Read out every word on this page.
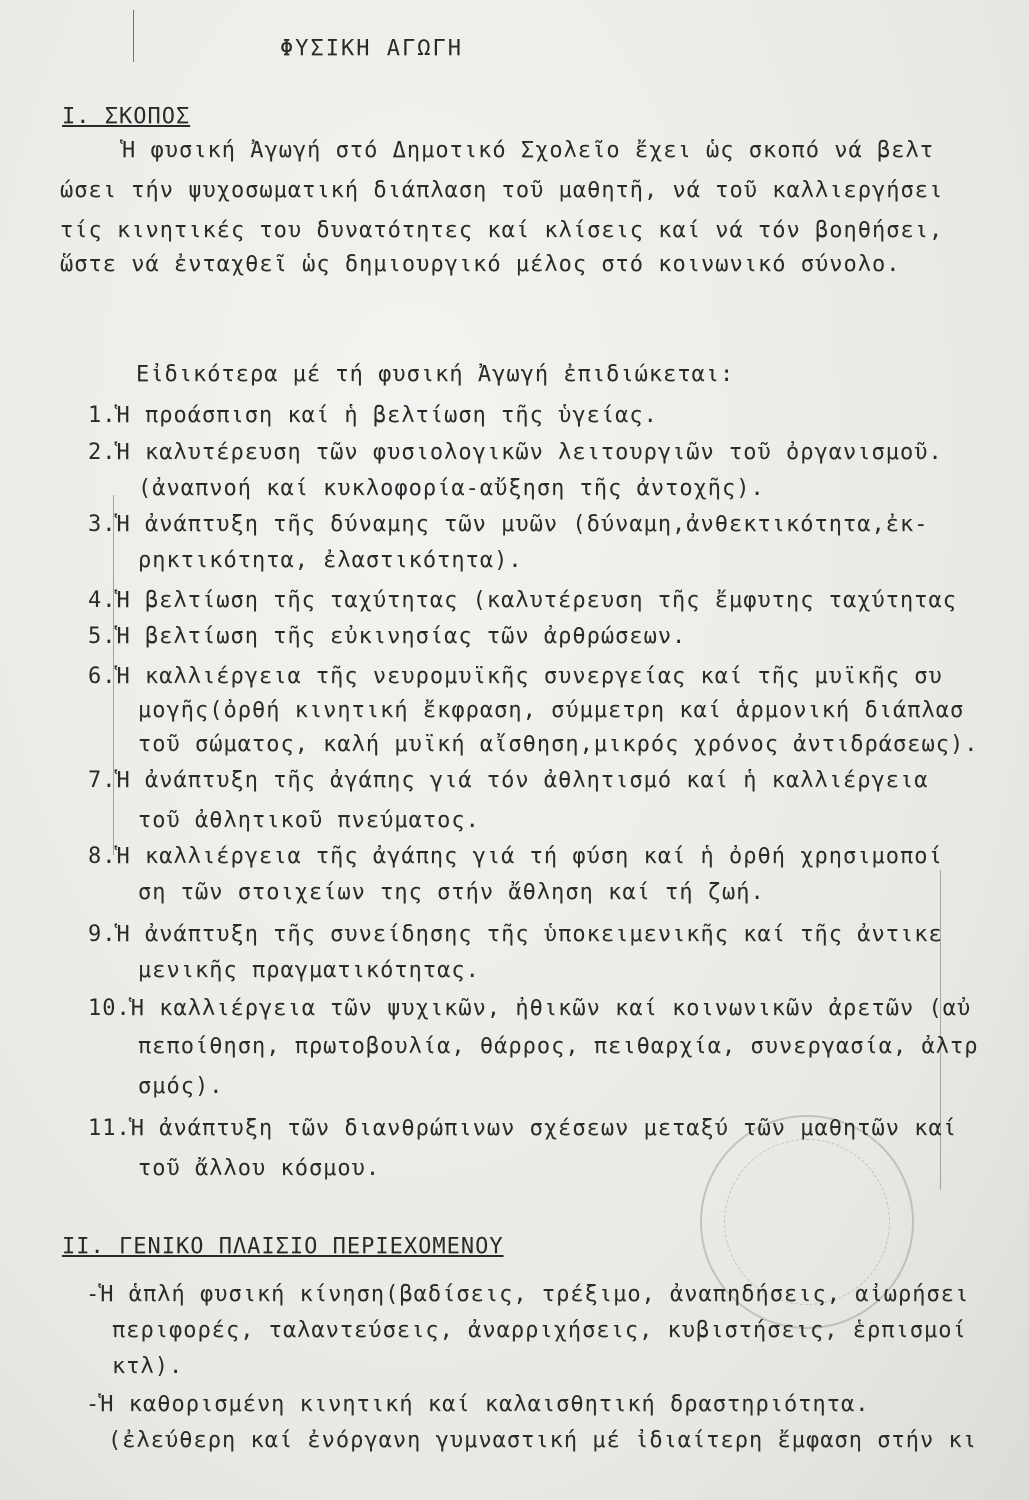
ΦΥΣΙΚΗ ΑΓΩΓΗ
Ι. ΣΚΟΠΟΣ
Ἡ φυσική Ἀγωγή στό Δημοτικό Σχολεῖο ἔχει ὡς σκοπό νά βελτ
ώσει τήν ψυχοσωματική διάπλαση τοῦ μαθητῆ, νά τοῦ καλλιεργήσει
τίς κινητικές του δυνατότητες καί κλίσεις καί νά τόν βοηθήσει,
ὥστε νά ἐνταχθεῖ ὡς δημιουργικό μέλος στό κοινωνικό σύνολο.
Εἰδικότερα μέ τή φυσική Ἀγωγή ἐπιδιώκεται:
1.Ἡ προάσπιση καί ἡ βελτίωση τῆς ὑγείας.
2.Ἡ καλυτέρευση τῶν φυσιολογικῶν λειτουργιῶν τοῦ ὀργανισμοῦ.
(ἀναπνοή καί κυκλοφορία-αὔξηση τῆς ἀντοχῆς).
3.Ἡ ἀνάπτυξη τῆς δύναμης τῶν μυῶν (δύναμη,ἀνθεκτικότητα,ἐκ-
ρηκτικότητα, ἐλαστικότητα).
4.Ἡ βελτίωση τῆς ταχύτητας (καλυτέρευση τῆς ἔμφυτης ταχύτητας
5.Ἡ βελτίωση τῆς εὐκινησίας τῶν ἀρθρώσεων.
6.Ἡ καλλιέργεια τῆς νευρομυϊκῆς συνεργείας καί τῆς μυϊκῆς συ
μογῆς(ὀρθή κινητική ἔκφραση, σύμμετρη καί ἁρμονική διάπλασ
τοῦ σώματος, καλή μυϊκή αἴσθηση,μικρός χρόνος ἀντιδράσεως).
7.Ἡ ἀνάπτυξη τῆς ἀγάπης γιά τόν ἀθλητισμό καί ἡ καλλιέργεια
τοῦ ἀθλητικοῦ πνεύματος.
8.Ἡ καλλιέργεια τῆς ἀγάπης γιά τή φύση καί ἡ ὀρθή χρησιμοποί
ση τῶν στοιχείων της στήν ἄθληση καί τή ζωή.
9.Ἡ ἀνάπτυξη τῆς συνείδησης τῆς ὑποκειμενικῆς καί τῆς ἀντικε
μενικῆς πραγματικότητας.
10.Ἡ καλλιέργεια τῶν ψυχικῶν, ἠθικῶν καί κοινωνικῶν ἀρετῶν (αὐ
πεποίθηση, πρωτοβουλία, θάρρος, πειθαρχία, συνεργασία, ἀλτρ
σμός).
11.Ἡ ἀνάπτυξη τῶν διανθρώπινων σχέσεων μεταξύ τῶν μαθητῶν καί
τοῦ ἄλλου κόσμου.
ΙΙ. ΓΕΝΙΚΟ ΠΛΑΙΣΙΟ ΠΕΡΙΕΧΟΜΕΝΟΥ
-Ἡ ἁπλή φυσική κίνηση(βαδίσεις, τρέξιμο, ἀναπηδήσεις, αἰωρήσει
περιφορές, ταλαντεύσεις, ἀναρριχήσεις, κυβιστήσεις, ἑρπισμοί
κτλ).
-Ἡ καθορισμένη κινητική καί καλαισθητική δραστηριότητα.
(ἐλεύθερη καί ἐνόργανη γυμναστική μέ ἰδιαίτερη ἔμφαση στήν κι
